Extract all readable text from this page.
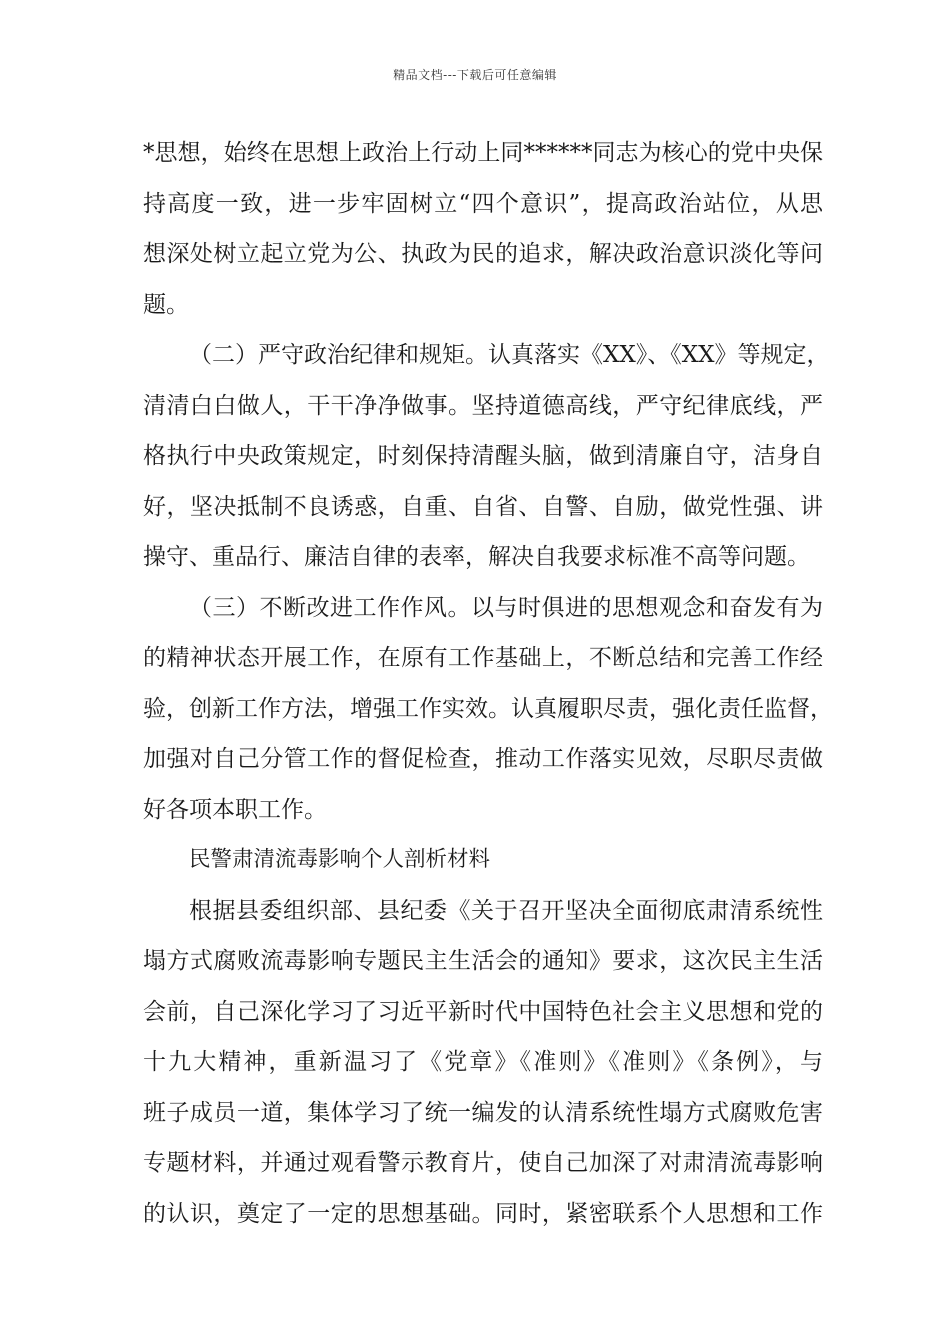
精品文档---下载后可任意编辑
*思想，始终在思想上政治上行动上同******同志为核心的党中央保
持高度一致，进一步牢固树立“四个意识”，提高政治站位，从思
想深处树立起立党为公、执政为民的追求，解决政治意识淡化等问
题。
（二）严守政治纪律和规矩。认真落实《XX》、《XX》等规定，
清清白白做人，干干净净做事。坚持道德高线，严守纪律底线，严
格执行中央政策规定，时刻保持清醒头脑，做到清廉自守，洁身自
好，坚决抵制不良诱惑，自重、自省、自警、自励，做党性强、讲
操守、重品行、廉洁自律的表率，解决自我要求标准不高等问题。
（三）不断改进工作作风。以与时俱进的思想观念和奋发有为
的精神状态开展工作，在原有工作基础上，不断总结和完善工作经
验，创新工作方法，增强工作实效。认真履职尽责，强化责任监督，
加强对自己分管工作的督促检查，推动工作落实见效，尽职尽责做
好各项本职工作。
民警肃清流毒影响个人剖析材料
根据县委组织部、县纪委《关于召开坚决全面彻底肃清系统性
塌方式腐败流毒影响专题民主生活会的通知》要求，这次民主生活
会前，自己深化学习了习近平新时代中国特色社会主义思想和党的
十九大精神，重新温习了《党章》《准则》《准则》《条例》，与
班子成员一道，集体学习了统一编发的认清系统性塌方式腐败危害
专题材料，并通过观看警示教育片，使自己加深了对肃清流毒影响
的认识，奠定了一定的思想基础。同时，紧密联系个人思想和工作
